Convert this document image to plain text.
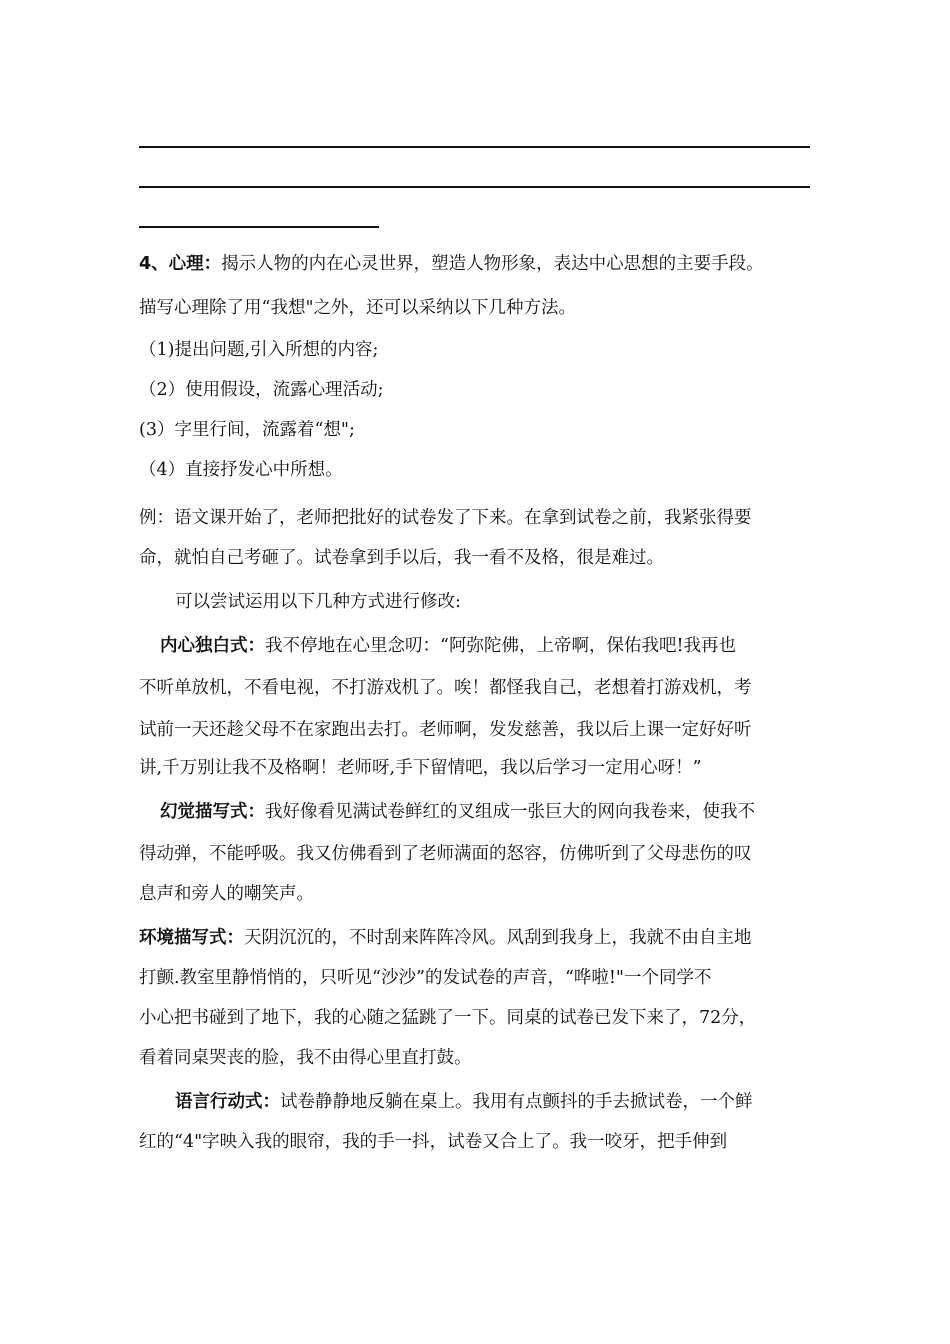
4、心理：揭示人物的内在心灵世界，塑造人物形象，表达中心思想的主要手段。
描写心理除了用“我想"之外，还可以采纳以下几种方法。
（1)提出问题,引入所想的内容;
（2）使用假设，流露心理活动;
(3）字里行间，流露着“想";
（4）直接抒发心中所想。
例：语文课开始了，老师把批好的试卷发了下来。在拿到试卷之前，我紧张得要
命，就怕自己考砸了。试卷拿到手以后，我一看不及格，很是难过。
可以尝试运用以下几种方式进行修改:
内心独白式：我不停地在心里念叨：“阿弥陀佛，上帝啊，保佑我吧!我再也
不听单放机，不看电视，不打游戏机了。唉！都怪我自己，老想着打游戏机，考
试前一天还趁父母不在家跑出去打。老师啊，发发慈善，我以后上课一定好好听
讲,千万别让我不及格啊！老师呀,手下留情吧，我以后学习一定用心呀！”
幻觉描写式：我好像看见满试卷鲜红的叉组成一张巨大的网向我卷来，使我不
得动弹，不能呼吸。我又仿佛看到了老师满面的怒容，仿佛听到了父母悲伤的叹
息声和旁人的嘲笑声。
环境描写式：天阴沉沉的，不时刮来阵阵冷风。风刮到我身上，我就不由自主地
打颤.教室里静悄悄的，只听见“沙沙”的发试卷的声音，“哗啦!"一个同学不
小心把书碰到了地下，我的心随之猛跳了一下。同桌的试卷已发下来了，72分，
看着同桌哭丧的脸，我不由得心里直打鼓。
语言行动式：试卷静静地反躺在桌上。我用有点颤抖的手去掀试卷，一个鲜
红的“4"字映入我的眼帘，我的手一抖，试卷又合上了。我一咬牙，把手伸到
